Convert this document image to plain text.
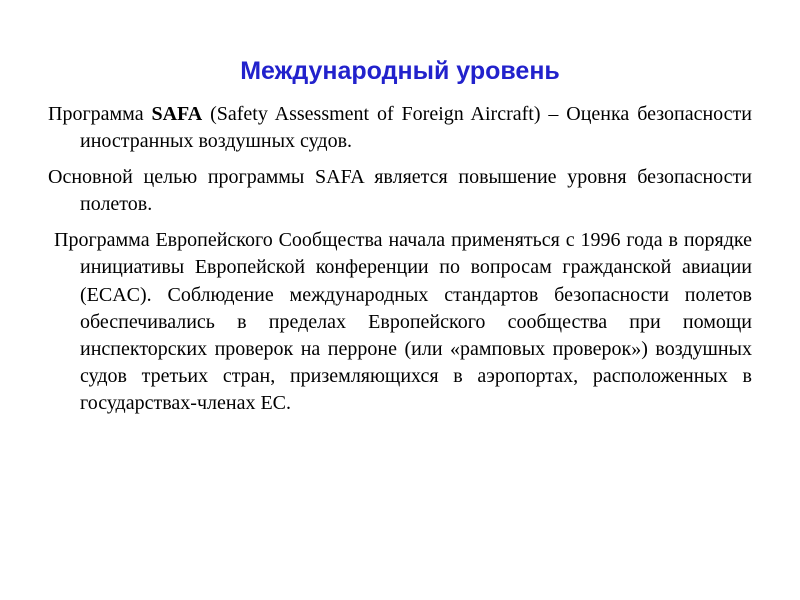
Международный уровень

Программа SAFA (Safety Assessment of Foreign Aircraft) – Оценка безопасности иностранных воздушных судов.

Основной целью программы SAFA является повышение уровня безопасности полетов.

Программа Европейского Сообщества начала применяться с 1996 года в порядке инициативы Европейской конференции по вопросам гражданской авиации (ECAC). Соблюдение международных стандартов безопасности полетов обеспечивались в пределах Европейского сообщества при помощи инспекторских проверок на перроне (или «рамповых проверок») воздушных судов третьих стран, приземляющихся в аэропортах, расположенных в государствах-членах ЕС.
